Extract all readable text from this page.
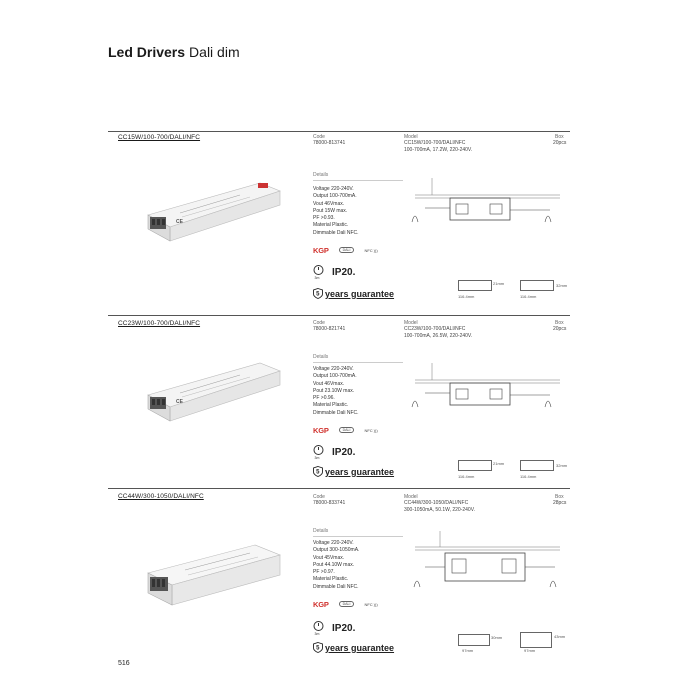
Led Drivers Dali dim
CC15W/100-700/DALI/NFC	Code
78000-813741
Model
CC15W/100-700/DALI/NFC
100-700mA, 17.2W, 220-240V.
Box
20pcs
CE
Details
Voltage 220-240V.
Output 100-700mA.
Vout 46Vmax.
Pout 15W max.
PF >0.93.
Material Plastic.
Dimmable Dali NFC.
KGP	DALI	NFC )))
3m
IP20.
5 years guarantee	116.4mm
21mm
116.4mm
32mm
CC23W/100-700/DALI/NFC	Code
78000-821741
Model
CC23W/100-700/DALI/NFC
100-700mA, 26.5W, 220-240V.
Box
20pcs
CE
Details
Voltage 220-240V.
Output 100-700mA.
Vout 46Vmax.
Pout 23.10W max.
PF >0.96.
Material Plastic.
Dimmable Dali NFC.
KGP	DALI	NFC )))
3m
IP20.
5 years guarantee	116.4mm
21mm
116.4mm
32mm
CC44W/300-1050/DALI/NFC	Code
78000-833741
Model
CC44W/300-1050/DALI/NFC
300-1050mA, 50.1W, 220-240V.
Box
28pcs
Details
Voltage 220-240V.
Output 300-1050mA.
Vout 45Vmax.
Pout 44.10W max.
PF >0.97.
Material Plastic.
Dimmable Dali NFC.
KGP	DALI	NFC )))
3m
IP20.
5 years guarantee	97mm
30mm
97mm
43mm
516
